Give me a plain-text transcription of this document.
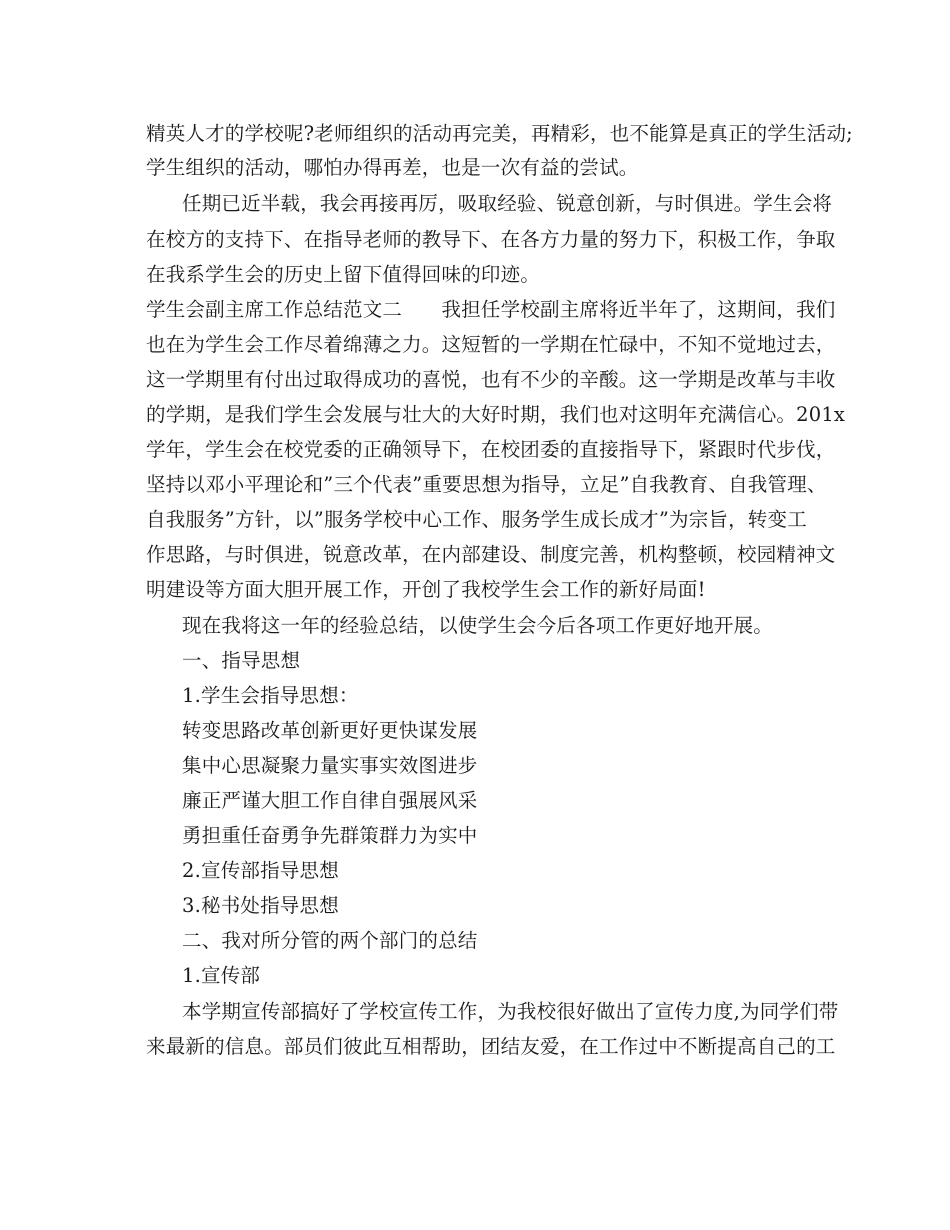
精英人才的学校呢?老师组织的活动再完美，再精彩，也不能算是真正的学生活动;
学生组织的活动，哪怕办得再差，也是一次有益的尝试。
任期已近半载，我会再接再厉，吸取经验、锐意创新，与时俱进。学生会将
在校方的支持下、在指导老师的教导下、在各方力量的努力下，积极工作，争取
在我系学生会的历史上留下值得回味的印迹。
学生会副主席工作总结范文二　　我担任学校副主席将近半年了，这期间，我们
也在为学生会工作尽着绵薄之力。这短暂的一学期在忙碌中，不知不觉地过去，
这一学期里有付出过取得成功的喜悦，也有不少的辛酸。这一学期是改革与丰收
的学期，是我们学生会发展与壮大的大好时期，我们也对这明年充满信心。201x
学年，学生会在校党委的正确领导下，在校团委的直接指导下，紧跟时代步伐，
坚持以邓小平理论和”三个代表”重要思想为指导，立足”自我教育、自我管理、
自我服务”方针，以”服务学校中心工作、服务学生成长成才”为宗旨，转变工
作思路，与时俱进，锐意改革，在内部建设、制度完善，机构整顿，校园精神文
明建设等方面大胆开展工作，开创了我校学生会工作的新好局面!
现在我将这一年的经验总结，以使学生会今后各项工作更好地开展。
一、指导思想
1.学生会指导思想：
转变思路改革创新更好更快谋发展
集中心思凝聚力量实事实效图进步
廉正严谨大胆工作自律自强展风采
勇担重任奋勇争先群策群力为实中
2.宣传部指导思想
3.秘书处指导思想
二、我对所分管的两个部门的总结
1.宣传部
本学期宣传部搞好了学校宣传工作，为我校很好做出了宣传力度,为同学们带
来最新的信息。部员们彼此互相帮助，团结友爱，在工作过中不断提高自己的工
